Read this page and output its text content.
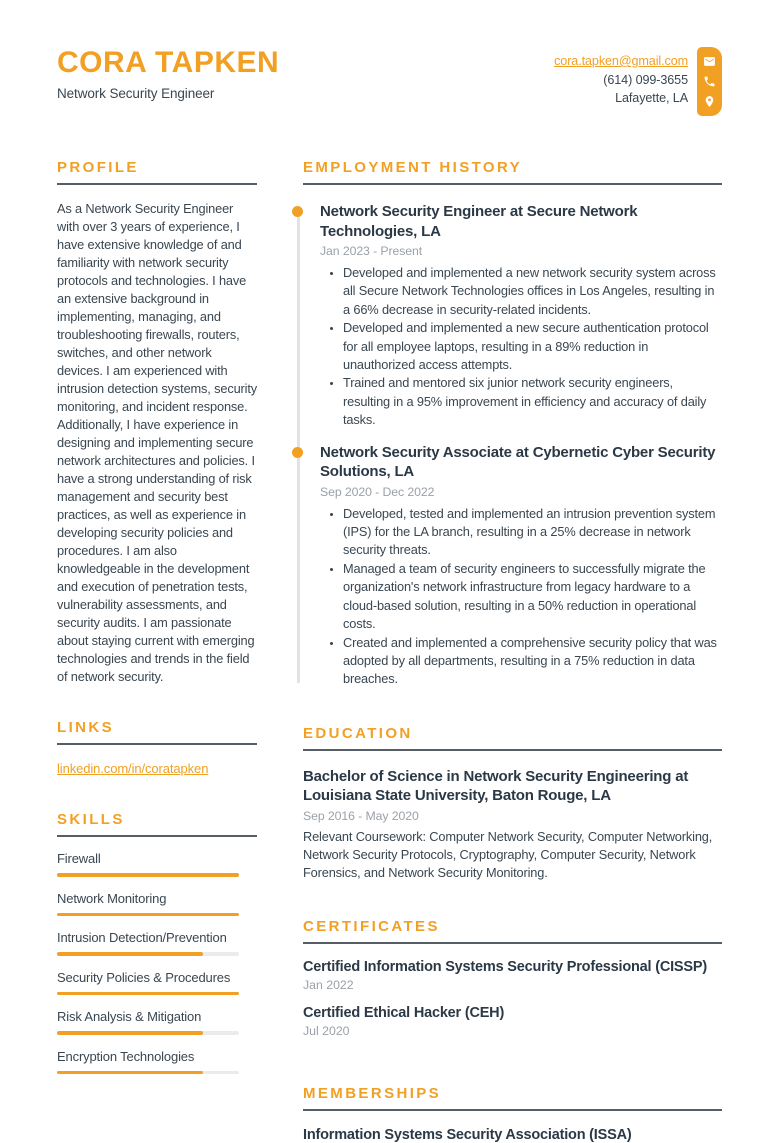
CORA TAPKEN
Network Security Engineer
cora.tapken@gmail.com
(614) 099-3655
Lafayette, LA
PROFILE
As a Network Security Engineer with over 3 years of experience, I have extensive knowledge of and familiarity with network security protocols and technologies. I have an extensive background in implementing, managing, and troubleshooting firewalls, routers, switches, and other network devices. I am experienced with intrusion detection systems, security monitoring, and incident response. Additionally, I have experience in designing and implementing secure network architectures and policies. I have a strong understanding of risk management and security best practices, as well as experience in developing security policies and procedures. I am also knowledgeable in the development and execution of penetration tests, vulnerability assessments, and security audits. I am passionate about staying current with emerging technologies and trends in the field of network security.
LINKS
linkedin.com/in/coratapken
SKILLS
Firewall
Network Monitoring
Intrusion Detection/Prevention
Security Policies & Procedures
Risk Analysis & Mitigation
Encryption Technologies
EMPLOYMENT HISTORY
Network Security Engineer at Secure Network Technologies, LA
Jan 2023 - Present
• Developed and implemented a new network security system across all Secure Network Technologies offices in Los Angeles, resulting in a 66% decrease in security-related incidents.
• Developed and implemented a new secure authentication protocol for all employee laptops, resulting in a 89% reduction in unauthorized access attempts.
• Trained and mentored six junior network security engineers, resulting in a 95% improvement in efficiency and accuracy of daily tasks.
Network Security Associate at Cybernetic Cyber Security Solutions, LA
Sep 2020 - Dec 2022
• Developed, tested and implemented an intrusion prevention system (IPS) for the LA branch, resulting in a 25% decrease in network security threats.
• Managed a team of security engineers to successfully migrate the organization's network infrastructure from legacy hardware to a cloud-based solution, resulting in a 50% reduction in operational costs.
• Created and implemented a comprehensive security policy that was adopted by all departments, resulting in a 75% reduction in data breaches.
EDUCATION
Bachelor of Science in Network Security Engineering at Louisiana State University, Baton Rouge, LA
Sep 2016 - May 2020
Relevant Coursework: Computer Network Security, Computer Networking, Network Security Protocols, Cryptography, Computer Security, Network Forensics, and Network Security Monitoring.
CERTIFICATES
Certified Information Systems Security Professional (CISSP)
Jan 2022
Certified Ethical Hacker (CEH)
Jul 2020
MEMBERSHIPS
Information Systems Security Association (ISSA)
